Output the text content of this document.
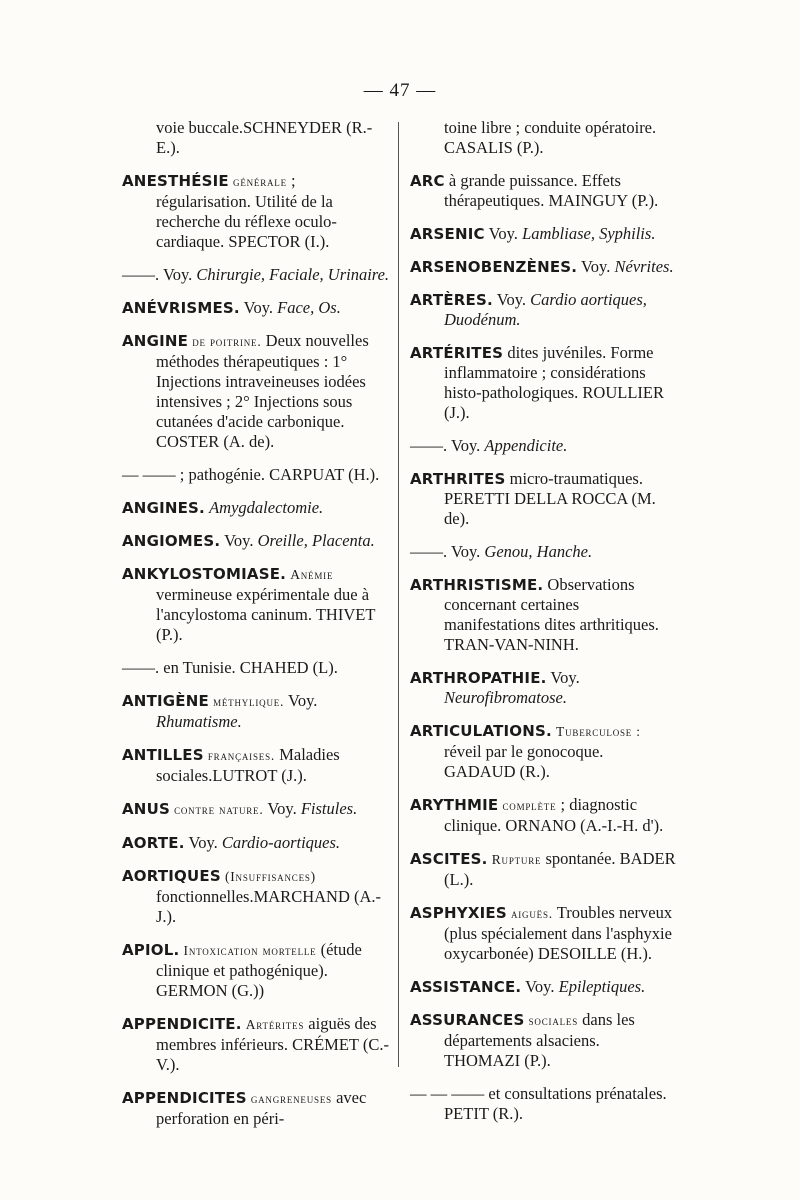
— 47 —
voie buccale.SCHNEYDER (R.-E.).
ANESTHÉSIE générale ; régularisation. Utilité de la recherche du réflexe oculo-cardiaque. SPECTOR (I.).
——. Voy. Chirurgie, Faciale, Urinaire.
ANÉVRISMES. Voy. Face, Os.
ANGINE de poitrine. Deux nouvelles méthodes thérapeutiques : 1° Injections intraveineuses iodées intensives ; 2° Injections sous cutanées d'acide carbonique. COSTER (A. de).
— —— ; pathogénie. CARPUAT (H.).
ANGINES. Amygdalectomie.
ANGIOMES. Voy. Oreille, Placenta.
ANKYLOSTOMIASE. Anémie vermineuse expérimentale due à l'ancylostoma caninum. THIVET (P.).
——. en Tunisie. CHAHED (L).
ANTIGÈNE méthylique. Voy. Rhumatisme.
ANTILLES françaises. Maladies sociales.LUTROT (J.).
ANUS contre nature. Voy. Fistules.
AORTE. Voy. Cardio-aortiques.
AORTIQUES (Insuffisances) fonctionnelles.MARCHAND (A.-J.).
APIOL. Intoxication mortelle (étude clinique et pathogénique). GERMON (G.))
APPENDICITE. Artérites aiguës des membres inférieurs. CRÉMET (C.-V.).
APPENDICITES gangreneuses avec perforation en péri-
toine libre ; conduite opératoire. CASALIS (P.).
ARC à grande puissance. Effets thérapeutiques. MAINGUY (P.).
ARSENIC Voy. Lambliase, Syphilis.
ARSENOBENZÈNES. Voy. Névrites.
ARTÈRES. Voy. Cardio aortiques, Duodénum.
ARTÉRITES dites juvéniles. Forme inflammatoire ; considérations histo-pathologiques. ROULLIER (J.).
——. Voy. Appendicite.
ARTHRITES micro-traumatiques. PERETTI DELLA ROCCA (M. de).
——. Voy. Genou, Hanche.
ARTHRISTISME. Observations concernant certaines manifestations dites arthritiques. TRAN-VAN-NINH.
ARTHROPATHIE. Voy. Neurofibromatose.
ARTICULATIONS. Tuberculose : réveil par le gonocoque. GADAUD (R.).
ARYTHMIE complète ; diagnostic clinique. ORNANO (A.-I.-H. d').
ASCITES. Rupture spontanée. BADER (L.).
ASPHYXIES aiguës. Troubles nerveux (plus spécialement dans l'asphyxie oxycarbonée) DESOILLE (H.).
ASSISTANCE. Voy. Epileptiques.
ASSURANCES sociales dans les départements alsaciens. THOMAZI (P.).
— — —— et consultations prénatales. PETIT (R.).
